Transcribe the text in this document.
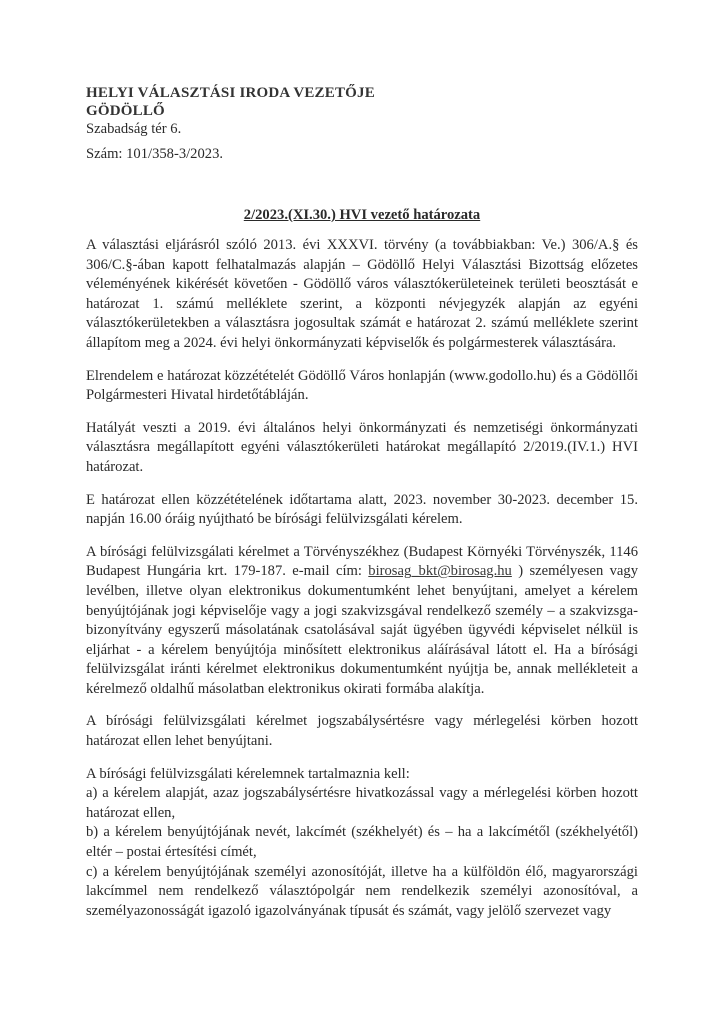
HELYI VÁLASZTÁSI IRODA VEZETŐJE
GÖDÖLLŐ
Szabadság tér 6.
Szám: 101/358-3/2023.
2/2023.(XI.30.) HVI vezető határozata

A választási eljárásról szóló 2013. évi XXXVI. törvény (a továbbiakban: Ve.) 306/A.§ és 306/C.§-ában kapott felhatalmazás alapján – Gödöllő Helyi Választási Bizottság előzetes véleményének kikérését követően - Gödöllő város választókerületeinek területi beosztását e határozat 1. számú melléklete szerint, a központi névjegyzék alapján az egyéni választókerületekben a választásra jogosultak számát e határozat 2. számú melléklete szerint állapítom meg a 2024. évi helyi önkormányzati képviselők és polgármesterek választására.

Elrendelem e határozat közzétételét Gödöllő Város honlapján (www.godollo.hu) és a Gödöllői Polgármesteri Hivatal hirdetőtábláján.

Hatályát veszti a 2019. évi általános helyi önkormányzati és nemzetiségi önkormányzati választásra megállapított egyéni választókerületi határokat megállapító 2/2019.(IV.1.) HVI határozat.

E határozat ellen közzétételének időtartama alatt, 2023. november 30-2023. december 15. napján 16.00 óráig nyújtható be bírósági felülvizsgálati kérelem.

A bírósági felülvizsgálati kérelmet a Törvényszékhez (Budapest Környéki Törvényszék, 1146 Budapest Hungária krt. 179-187. e-mail cím: birosag_bkt@birosag.hu ) személyesen vagy levélben, illetve olyan elektronikus dokumentumként lehet benyújtani, amelyet a kérelem benyújtójának jogi képviselője vagy a jogi szakvizsgával rendelkező személy – a szakvizsga-bizonyítvány egyszerű másolatának csatolásával saját ügyében ügyvédi képviselet nélkül is eljárhat - a kérelem benyújtója minősített elektronikus aláírásával látott el. Ha a bírósági felülvizsgálat iránti kérelmet elektronikus dokumentumként nyújtja be, annak mellékleteit a kérelmező oldalhű másolatban elektronikus okirati formába alakítja.

A bírósági felülvizsgálati kérelmet jogszabálysértésre vagy mérlegelési körben hozott határozat ellen lehet benyújtani.

A bírósági felülvizsgálati kérelemnek tartalmaznia kell:

a) a kérelem alapját, azaz jogszabálysértésre hivatkozással vagy a mérlegelési körben hozott határozat ellen,
b) a kérelem benyújtójának nevét, lakcímét (székhelyét) és – ha a lakcímétől (székhelyétől) eltér – postai értesítési címét,
c) a kérelem benyújtójának személyi azonosítóját, illetve ha a külföldön élő, magyarországi lakcímmel nem rendelkező választópolgár nem rendelkezik személyi azonosítóval, a személyazonosságát igazoló igazolványának típusát és számát, vagy jelölő szervezet vagy
